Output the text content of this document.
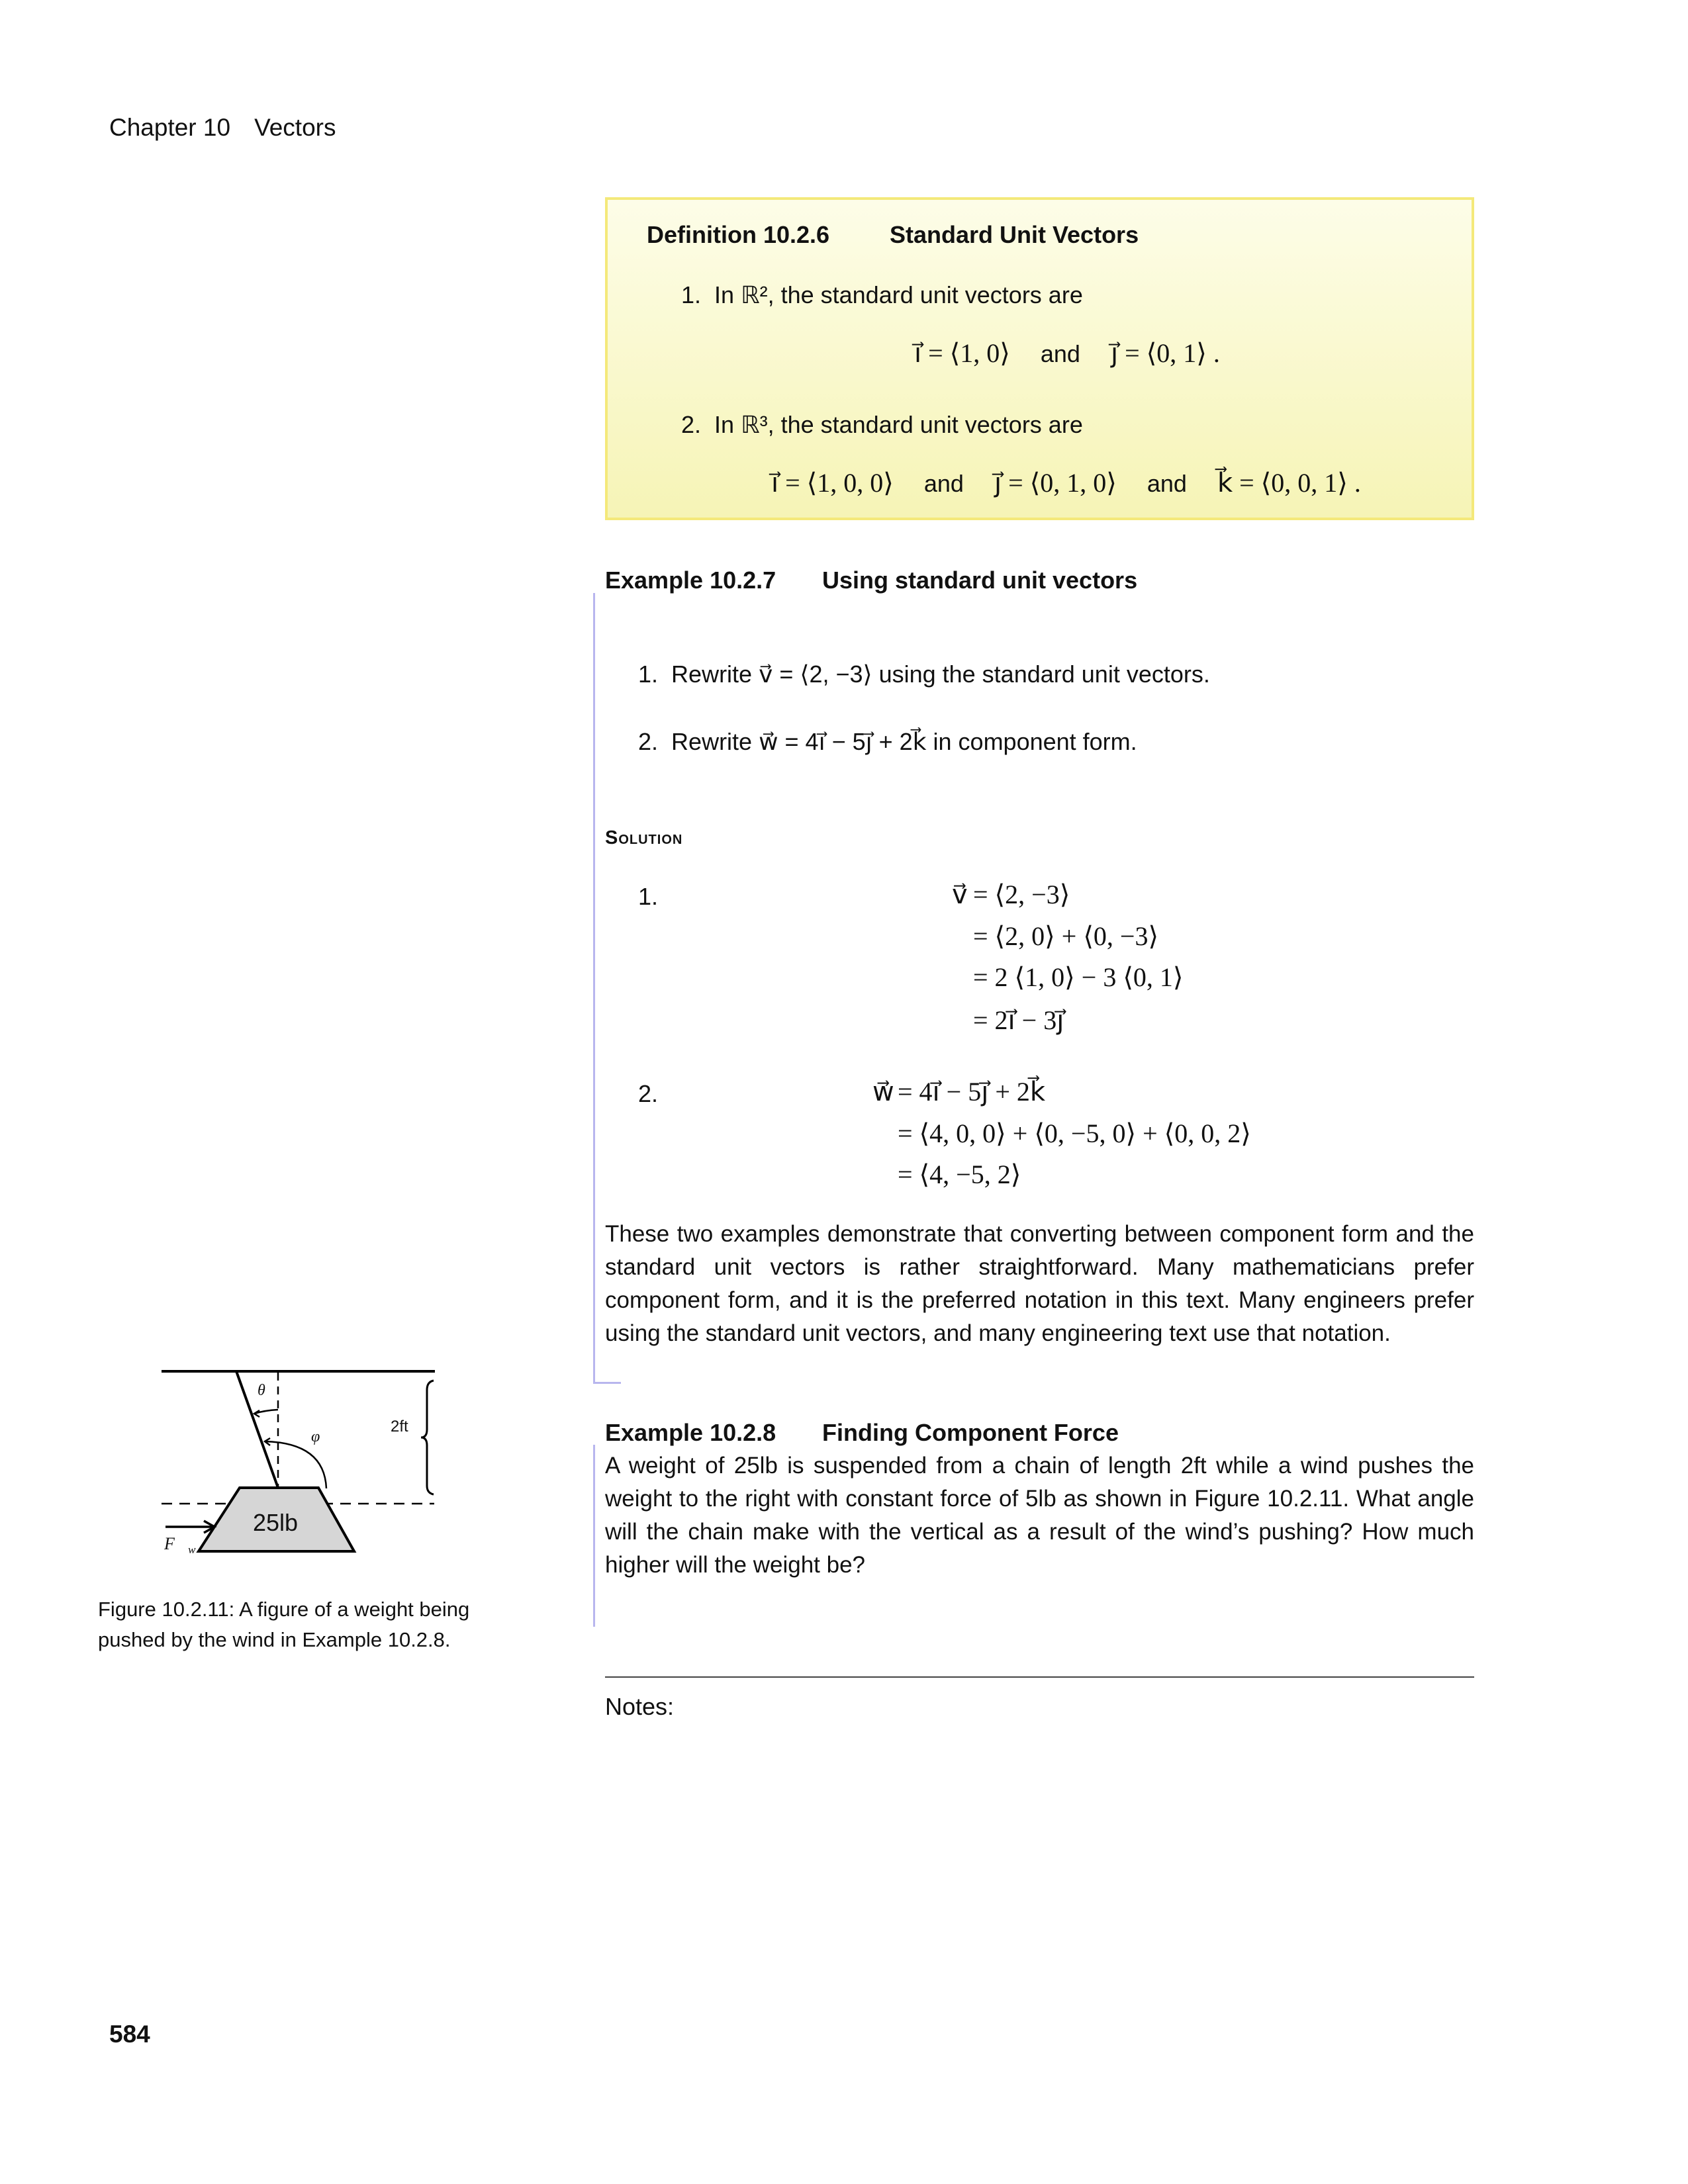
Chapter 10 Vectors
Definition 10.2.6	Standard Unit Vectors
1. In ℝ², the standard unit vectors are
i⃗ = ⟨1, 0⟩ and j⃗ = ⟨0, 1⟩ .
2. In ℝ³, the standard unit vectors are
i⃗ = ⟨1, 0, 0⟩ and j⃗ = ⟨0, 1, 0⟩ and k⃗ = ⟨0, 0, 1⟩ .
Example 10.2.7 Using standard unit vectors
1. Rewrite v⃗ = ⟨2, −3⟩ using the standard unit vectors.
2. Rewrite w⃗ = 4i⃗ − 5j⃗ + 2k⃗ in component form.
Solution
1.	v⃗ = ⟨2, −3⟩
= ⟨2, 0⟩ + ⟨0, −3⟩
= 2 ⟨1, 0⟩ − 3 ⟨0, 1⟩
= 2i⃗ − 3j⃗
2.	w⃗ = 4i⃗ − 5j⃗ + 2k⃗
= ⟨4, 0, 0⟩ + ⟨0, −5, 0⟩ + ⟨0, 0, 2⟩
= ⟨4, −5, 2⟩
These two examples demonstrate that converting between component form and the standard unit vectors is rather straightforward. Many mathematicians prefer component form, and it is the preferred notation in this text. Many engineers prefer using the standard unit vectors, and many engineering text use that notation.
Example 10.2.8 Finding Component Force
A weight of 25lb is suspended from a chain of length 2ft while a wind pushes the weight to the right with constant force of 5lb as shown in Figure 10.2.11. What angle will the chain make with the vertical as a result of the wind’s pushing? How much higher will the weight be?
Notes:
θ
φ
2ft
25lb
$F⃗_w$
Figure 10.2.11: A figure of a weight being
pushed by the wind in Example 10.2.8.
584
